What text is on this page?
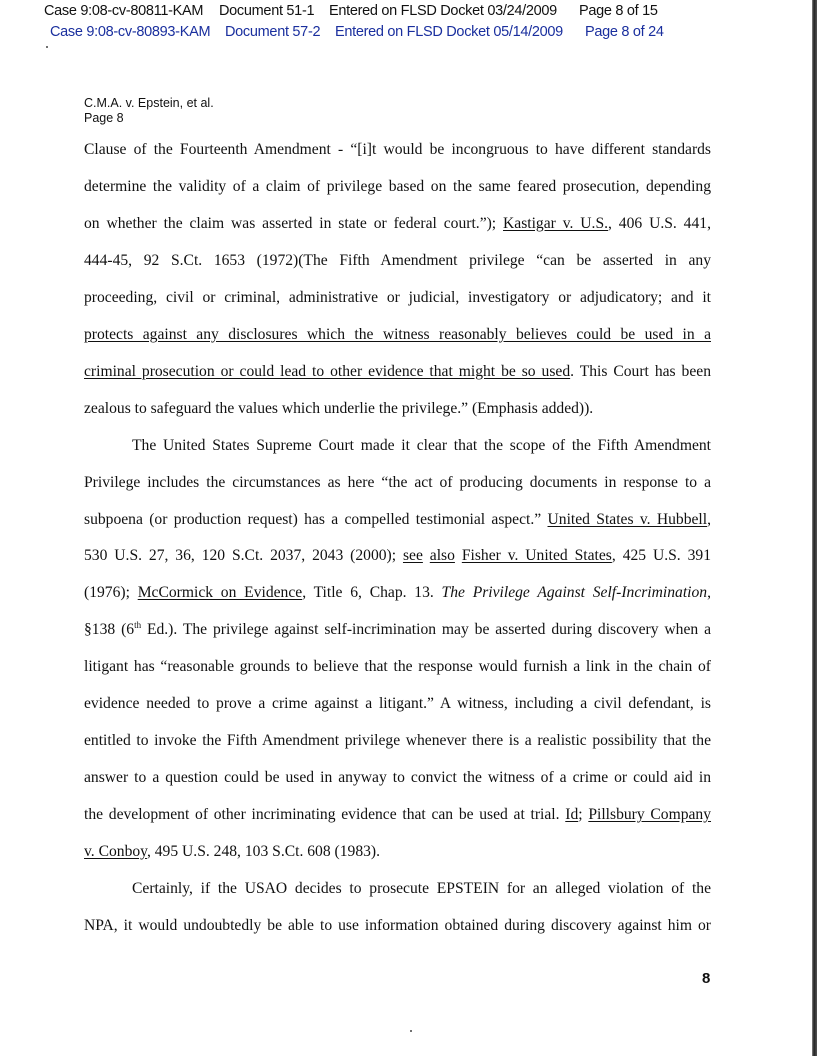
Case 9:08-cv-80811-KAM Document 51-1 Entered on FLSD Docket 03/24/2009 Page 8 of 15
Case 9:08-cv-80893-KAM Document 57-2 Entered on FLSD Docket 05/14/2009 Page 8 of 24
C.M.A. v. Epstein, et al.
Page 8
Clause of the Fourteenth Amendment - “[i]t would be incongruous to have different standards
determine the validity of a claim of privilege based on the same feared prosecution, depending
on whether the claim was asserted in state or federal court.”); Kastigar v. U.S., 406 U.S. 441,
444-45, 92 S.Ct. 1653 (1972)(The Fifth Amendment privilege “can be asserted in any
proceeding, civil or criminal, administrative or judicial, investigatory or adjudicatory; and it
protects against any disclosures which the witness reasonably believes could be used in a
criminal prosecution or could lead to other evidence that might be so used. This Court has been
zealous to safeguard the values which underlie the privilege.” (Emphasis added)).
The United States Supreme Court made it clear that the scope of the Fifth Amendment
Privilege includes the circumstances as here “the act of producing documents in response to a
subpoena (or production request) has a compelled testimonial aspect.” United States v. Hubbell,
530 U.S. 27, 36, 120 S.Ct. 2037, 2043 (2000); see also Fisher v. United States, 425 U.S. 391
(1976); McCormick on Evidence, Title 6, Chap. 13. The Privilege Against Self-Incrimination,
§138 (6th Ed.). The privilege against self-incrimination may be asserted during discovery when a
litigant has “reasonable grounds to believe that the response would furnish a link in the chain of
evidence needed to prove a crime against a litigant.” A witness, including a civil defendant, is
entitled to invoke the Fifth Amendment privilege whenever there is a realistic possibility that the
answer to a question could be used in anyway to convict the witness of a crime or could aid in
the development of other incriminating evidence that can be used at trial. Id; Pillsbury Company
v. Conboy, 495 U.S. 248, 103 S.Ct. 608 (1983).
Certainly, if the USAO decides to prosecute EPSTEIN for an alleged violation of the
NPA, it would undoubtedly be able to use information obtained during discovery against him or
8
